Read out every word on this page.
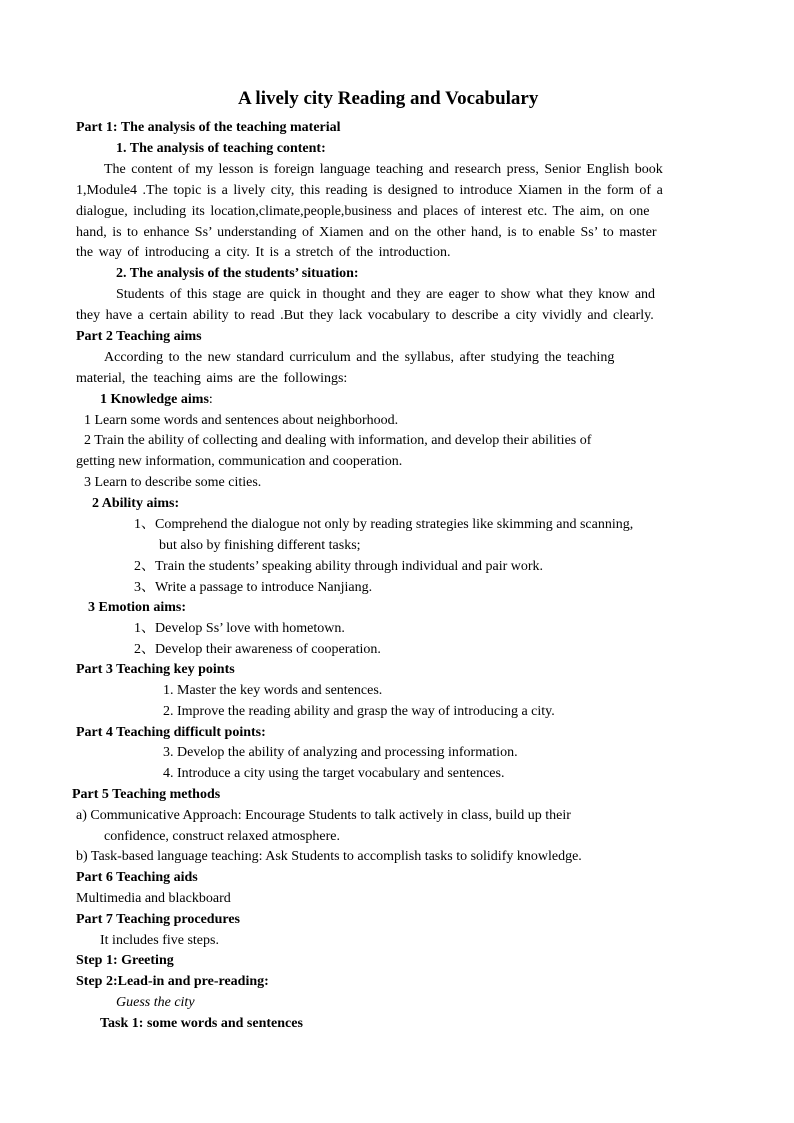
A lively city Reading and Vocabulary
Part 1: The analysis of the teaching material
1. The analysis of teaching content:
The content of my lesson is foreign language teaching and research press, Senior English book
1,Module4 .The topic is a lively city, this reading is designed to introduce Xiamen in the form of a
dialogue, including its location,climate,people,business and places of interest etc. The aim, on one
hand, is to enhance Ss’ understanding of Xiamen and on the other hand, is to enable Ss’ to master
the way of introducing a city. It is a stretch of the introduction.
2. The analysis of the students’ situation:
Students of this stage are quick in thought and they are eager to show what they know and
they have a certain ability to read .But they lack vocabulary to describe a city vividly and clearly.
Part 2 Teaching aims
According to the new standard curriculum and the syllabus, after studying the teaching
material, the teaching aims are the followings:
1 Knowledge aims:
1 Learn some words and sentences about neighborhood.
2 Train the ability of collecting and dealing with information, and develop their abilities of
getting new information, communication and cooperation.
3 Learn to describe some cities.
2 Ability aims:
1、Comprehend the dialogue not only by reading strategies like skimming and scanning,
but also by finishing different tasks;
2、Train the students’ speaking ability through individual and pair work.
3、Write a passage to introduce Nanjiang.
3 Emotion aims:
1、Develop Ss’ love with hometown.
2、Develop their awareness of cooperation.
Part 3 Teaching key points
1. Master the key words and sentences.
2. Improve the reading ability and grasp the way of introducing a city.
Part 4 Teaching difficult points:
3. Develop the ability of analyzing and processing information.
4. Introduce a city using the target vocabulary and sentences.
Part 5 Teaching methods
a) Communicative Approach: Encourage Students to talk actively in class, build up their
confidence, construct relaxed atmosphere.
b) Task-based language teaching: Ask Students to accomplish tasks to solidify knowledge.
Part 6 Teaching aids
Multimedia and blackboard
Part 7 Teaching procedures
It includes five steps.
Step 1: Greeting
Step 2:Lead-in and pre-reading:
Guess the city
Task 1: some words and sentences
